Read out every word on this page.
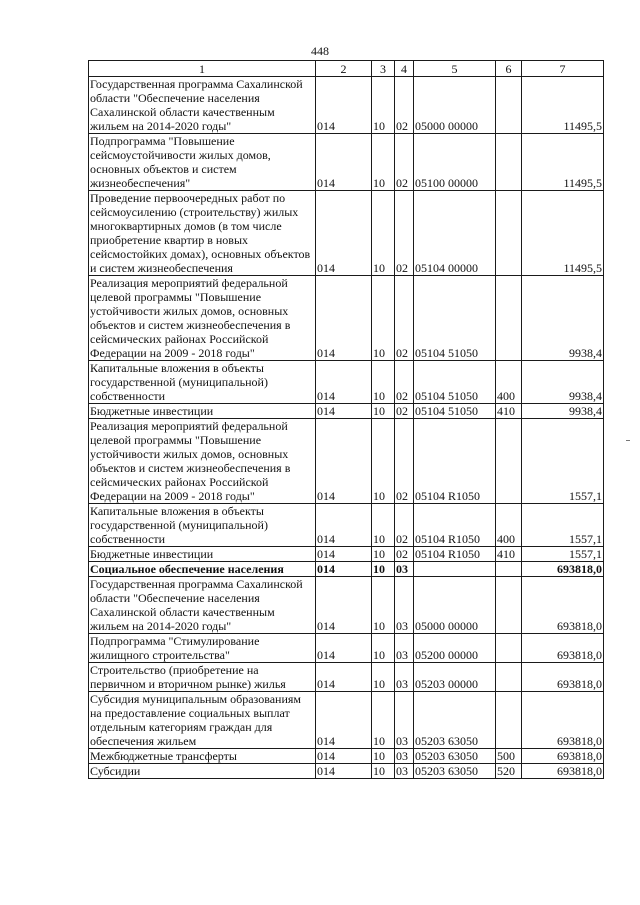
448
1	2	3	4	5	6	7
Государственная программа Сахалинской области "Обеспечение населения Сахалинской области качественным жильем на 2014-2020 годы"	014	10	02	05000 00000		11495,5
Подпрограмма "Повышение сейсмоустойчивости жилых домов, основных объектов и систем жизнеобеспечения"	014	10	02	05100 00000		11495,5
Проведение первоочередных работ по сейсмоусилению (строительству) жилых многоквартирных домов (в том числе приобретение квартир в новых сейсмостойких домах), основных объектов и систем жизнеобеспечения	014	10	02	05104 00000		11495,5
Реализация мероприятий федеральной целевой программы "Повышение устойчивости жилых домов, основных объектов и систем жизнеобеспечения в сейсмических районах Российской Федерации на 2009 - 2018 годы"	014	10	02	05104 51050		9938,4
Капитальные вложения в объекты государственной (муниципальной) собственности	014	10	02	05104 51050	400	9938,4
Бюджетные инвестиции	014	10	02	05104 51050	410	9938,4
Реализация мероприятий федеральной целевой программы "Повышение устойчивости жилых домов, основных объектов и систем жизнеобеспечения в сейсмических районах Российской Федерации на 2009 - 2018 годы"	014	10	02	05104 R1050		1557,1
Капитальные вложения в объекты государственной (муниципальной) собственности	014	10	02	05104 R1050	400	1557,1
Бюджетные инвестиции	014	10	02	05104 R1050	410	1557,1
Социальное обеспечение населения	014	10	03			693818,0
Государственная программа Сахалинской области "Обеспечение населения Сахалинской области качественным жильем на 2014-2020 годы"	014	10	03	05000 00000		693818,0
Подпрограмма "Стимулирование жилищного строительства"	014	10	03	05200 00000		693818,0
Строительство (приобретение на первичном и вторичном рынке) жилья	014	10	03	05203 00000		693818,0
Субсидия муниципальным образованиям на предоставление социальных выплат отдельным категориям граждан для обеспечения жильем	014	10	03	05203 63050		693818,0
Межбюджетные трансферты	014	10	03	05203 63050	500	693818,0
Субсидии	014	10	03	05203 63050	520	693818,0
